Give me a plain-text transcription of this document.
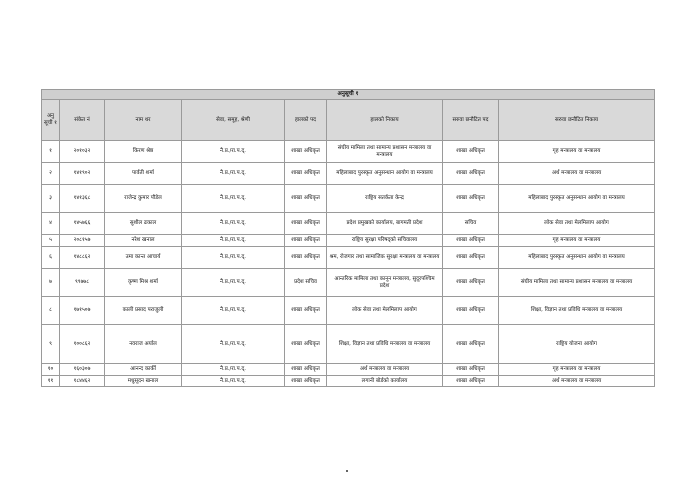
अनुसूची १							
अनु सूची १	संकेत नं	नाम थर	सेवा, समूह, श्रेणी	हालको पद	हालको निकाय	सरुवा छनौटित पद	सरुवा छनौटित निकाय
१	२०१०३२	किरण श्रेष्ठ	नै.प्र./रा.प.द्.	शाखा अधिकृत	संघीय मामिला तथा सामान्य प्रशासन मन्त्रालय वा मन्त्रालय	शाखा अधिकृत	गृह मन्त्रालय वा मन्त्रालय
२	१४१९०२	पार्वती शर्मा	नै.प्र./रा.प.द्.	शाखा अधिकृत	महिलाबाद पुरस्कृत अनुसन्धान आयोग वा मन्त्रालय	शाखा अधिकृत	अर्थ मन्त्रालय वा मन्त्रालय
३	१४१३६८	राजेन्द्र कुमार पौडेल	नै.प्र./रा.प.द्.	शाखा अधिकृत	राष्ट्रिय सतर्कता केन्द्र	शाखा अधिकृत	महिलाबाद पुरस्कृत अनुसन्धान आयोग वा मन्त्रालय
४	१४५७६६	सुशील ढकाल	नै.प्र./रा.प.द्.	शाखा अधिकृत	प्रदेश प्रमुखको कार्यालय, बागमती प्रदेश	सचिव	लोक सेवा तथा मेलमिलाप आयोग
५	२०८१५७	नरेश खनाल	नै.प्र./रा.प.द्.	शाखा अधिकृत	राष्ट्रिय सुरक्षा परिषद्को सचिवालय	शाखा अधिकृत	गृह मन्त्रालय वा मन्त्रालय
६	१४८८६२	उमा कान्त आचार्य	नै.प्र./रा.प.द्.	शाखा अधिकृत	श्रम, रोजगार तथा सामाजिक सुरक्षा मन्त्रालय वा मन्त्रालय	शाखा अधिकृत	महिलाबाद पुरस्कृत अनुसन्धान आयोग वा मन्त्रालय
७	९९७७८	कृष्ण मिश्र शर्मा	नै.प्र./रा.प.द्.	प्रदेश सचिव	आन्तरिक मामिला तथा कानून मन्त्रालय, सुदूरपश्चिम प्रदेश	शाखा अधिकृत	संघीय मामिला तथा सामान्य प्रशासन मन्त्रालय वा मन्त्रालय
८	१७१५०७	काली प्रसाद पराजुली	नै.प्र./रा.प.द्.	शाखा अधिकृत	लोक सेवा तथा मेलमिलाप आयोग	शाखा अधिकृत	शिक्षा, विज्ञान तथा प्रविधि मन्त्रालय वा मन्त्रालय
९	१००८६२	नवराज अर्याल	नै.प्र./रा.प.द्.	शाखा अधिकृत	शिक्षा, विज्ञान तथा प्रविधि मन्त्रालय वा मन्त्रालय	शाखा अधिकृत	राष्ट्रिय योजना आयोग
१०	१६०३०७	आनन्द कार्की	नै.प्र./रा.प.द्.	शाखा अधिकृत	अर्थ मन्त्रालय वा मन्त्रालय	शाखा अधिकृत	गृह मन्त्रालय वा मन्त्रालय
११	१८४४६२	मधुसूदन खनाल	नै.प्र./रा.प.द्.	शाखा अधिकृत	लगानी बोर्डको कार्यालय	शाखा अधिकृत	अर्थ मन्त्रालय वा मन्त्रालय
